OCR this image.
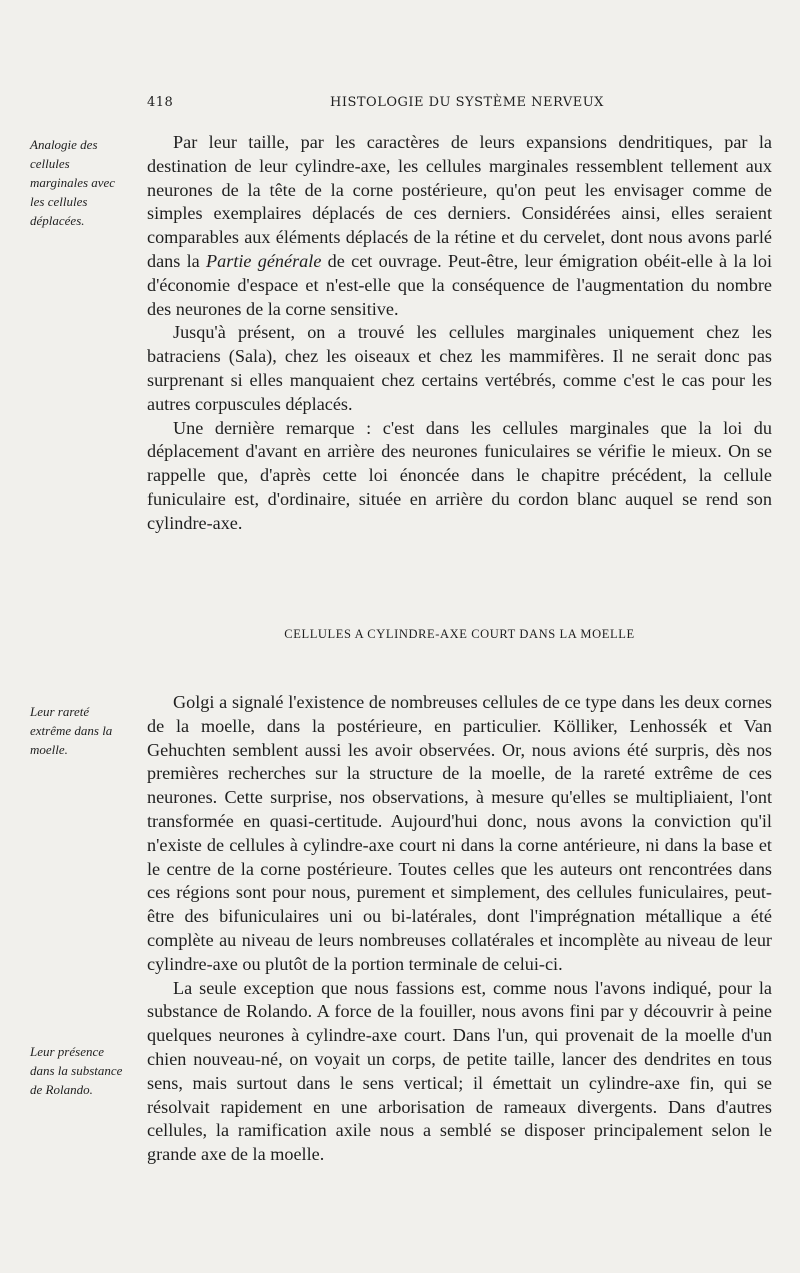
418	HISTOLOGIE DU SYSTÈME NERVEUX
Analogie des cellules marginales avec les cellules déplacées.

Par leur taille, par les caractères de leurs expansions dendritiques, par la destination de leur cylindre-axe, les cellules marginales ressemblent tellement aux neurones de la tête de la corne postérieure, qu'on peut les envisager comme de simples exemplaires déplacés de ces derniers. Considérées ainsi, elles seraient comparables aux éléments déplacés de la rétine et du cervelet, dont nous avons parlé dans la Partie générale de cet ouvrage. Peut-être, leur émigration obéit-elle à la loi d'économie d'espace et n'est-elle que la conséquence de l'augmentation du nombre des neurones de la corne sensitive.

Jusqu'à présent, on a trouvé les cellules marginales uniquement chez les batraciens (Sala), chez les oiseaux et chez les mammifères. Il ne serait donc pas surprenant si elles manquaient chez certains vertébrés, comme c'est le cas pour les autres corpuscules déplacés.

Une dernière remarque : c'est dans les cellules marginales que la loi du déplacement d'avant en arrière des neurones funiculaires se vérifie le mieux. On se rappelle que, d'après cette loi énoncée dans le chapitre précédent, la cellule funiculaire est, d'ordinaire, située en arrière du cordon blanc auquel se rend son cylindre-axe.

CELLULES A CYLINDRE-AXE COURT DANS LA MOELLE
Leur rareté extrême dans la moelle.
Leur présence dans la substance de Rolando.

Golgi a signalé l'existence de nombreuses cellules de ce type dans les deux cornes de la moelle, dans la postérieure, en particulier. Kölliker, Lenhossék et Van Gehuchten semblent aussi les avoir observées. Or, nous avions été surpris, dès nos premières recherches sur la structure de la moelle, de la rareté extrême de ces neurones. Cette surprise, nos observations, à mesure qu'elles se multipliaient, l'ont transformée en quasi-certitude. Aujourd'hui donc, nous avons la conviction qu'il n'existe de cellules à cylindre-axe court ni dans la corne antérieure, ni dans la base et le centre de la corne postérieure. Toutes celles que les auteurs ont rencontrées dans ces régions sont pour nous, purement et simplement, des cellules funiculaires, peut-être des bifuniculaires uni ou bi-latérales, dont l'imprégnation métallique a été complète au niveau de leurs nombreuses collatérales et incomplète au niveau de leur cylindre-axe ou plutôt de la portion terminale de celui-ci.

La seule exception que nous fassions est, comme nous l'avons indiqué, pour la substance de Rolando. A force de la fouiller, nous avons fini par y découvrir à peine quelques neurones à cylindre-axe court. Dans l'un, qui provenait de la moelle d'un chien nouveau-né, on voyait un corps, de petite taille, lancer des dendrites en tous sens, mais surtout dans le sens vertical; il émettait un cylindre-axe fin, qui se résolvait rapidement en une arborisation de rameaux divergents. Dans d'autres cellules, la ramification axile nous a semblé se disposer principalement selon le grande axe de la moelle.
